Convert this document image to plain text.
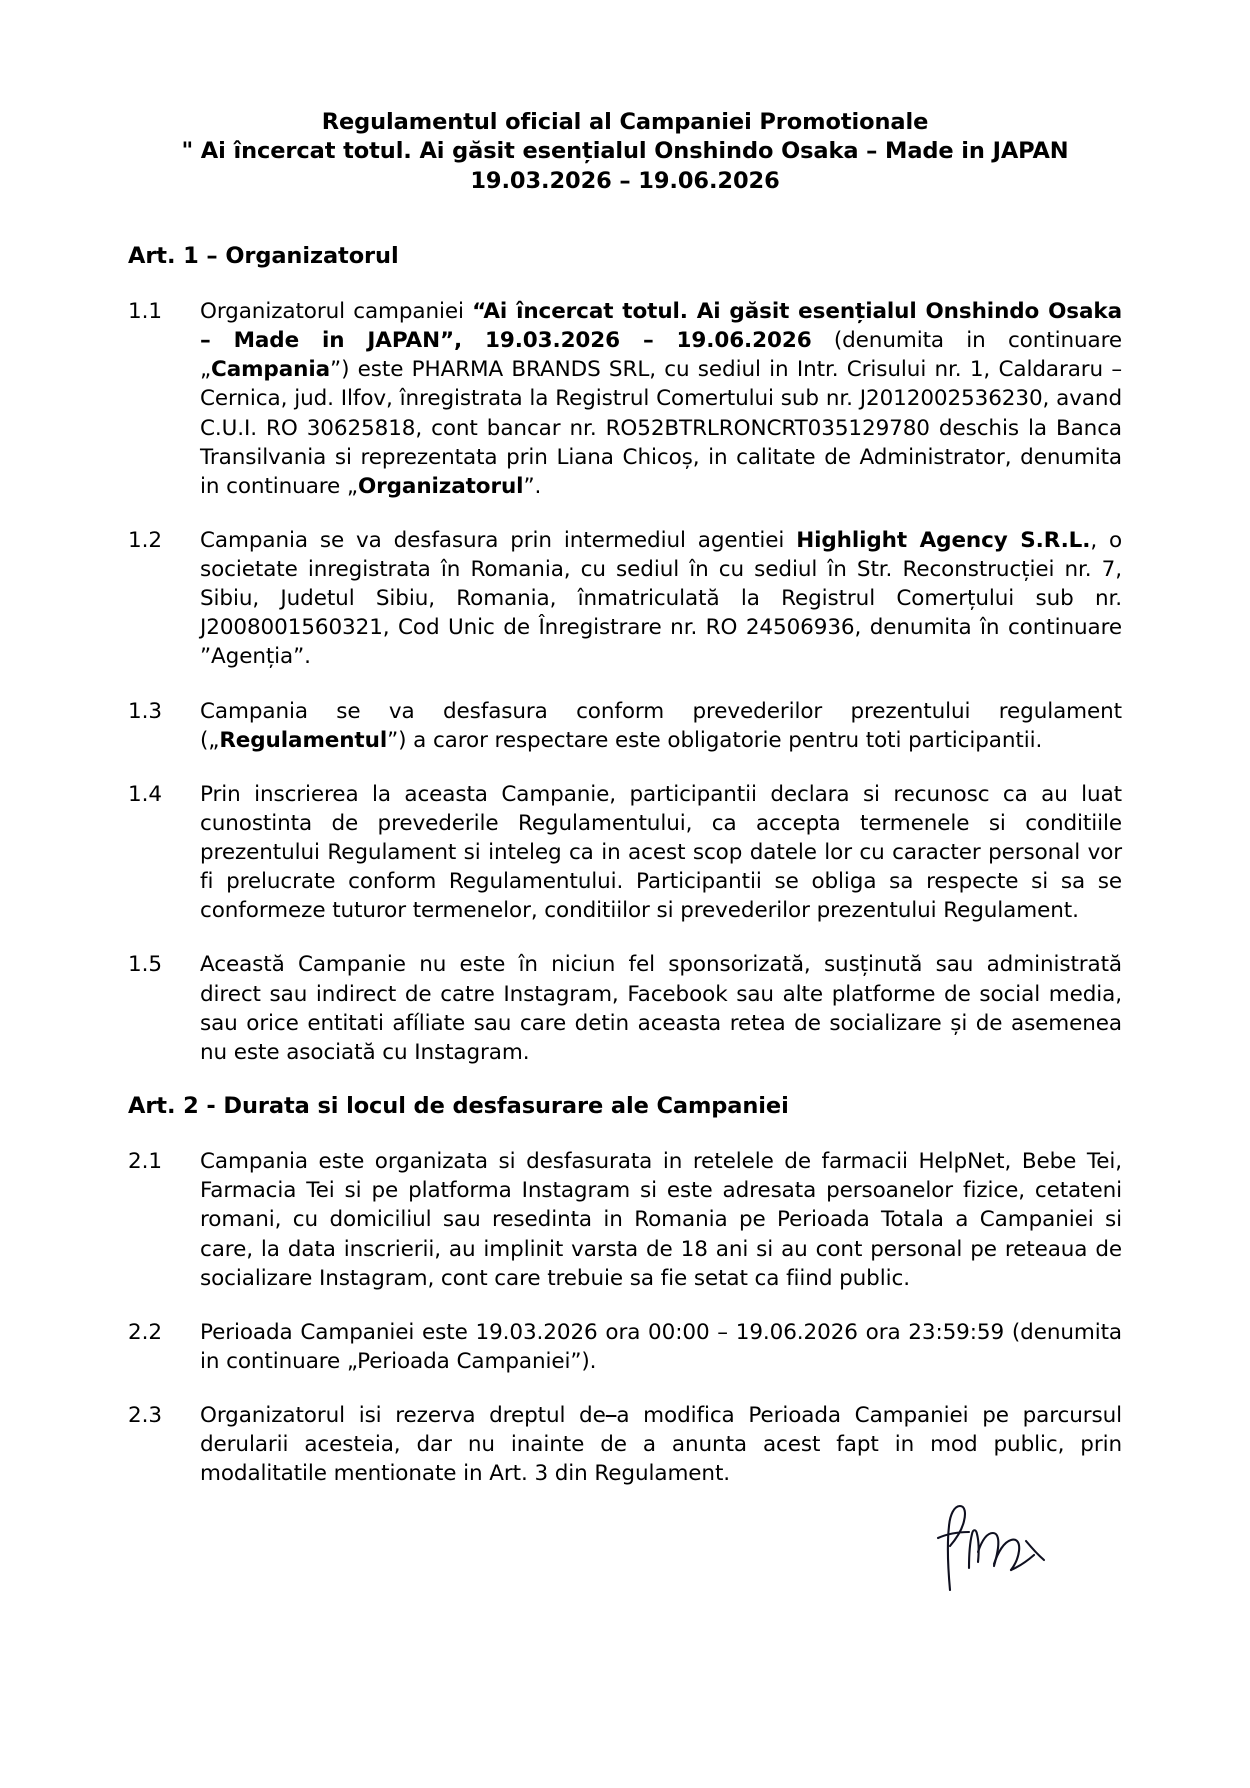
Regulamentul oficial al Campaniei Promotionale
" Ai încercat totul. Ai găsit esențialul Onshindo Osaka – Made in JAPAN
19.03.2026 – 19.06.2026
Art. 1 – Organizatorul
1.1	Organizatorul campaniei “Ai încercat totul. Ai găsit esențialul Onshindo Osaka – Made in JAPAN”, 19.03.2026 – 19.06.2026 (denumita in continuare „Campania”) este PHARMA BRANDS SRL, cu sediul in Intr. Crisului nr. 1, Caldararu – Cernica, jud. Ilfov, înregistrata la Registrul Comertului sub nr. J2012002536230, avand C.U.I. RO 30625818, cont bancar nr. RO52BTRLRONCRT035129780 deschis la Banca Transilvania si reprezentata prin Liana Chicoș, in calitate de Administrator, denumita in continuare „Organizatorul”.
1.2	Campania se va desfasura prin intermediul agentiei Highlight Agency S.R.L., o societate inregistrata în Romania, cu sediul în cu sediul în Str. Reconstrucției nr. 7, Sibiu, Judetul Sibiu, Romania, înmatriculată la Registrul Comerțului sub nr. J2008001560321, Cod Unic de Înregistrare nr. RO 24506936, denumita în continuare ”Agenția”.
1.3	Campania se va desfasura conform prevederilor prezentului regulament („Regulamentul”) a caror respectare este obligatorie pentru toti participantii.
1.4	Prin inscrierea la aceasta Campanie, participantii declara si recunosc ca au luat cunostinta de prevederile Regulamentului, ca accepta termenele si conditiile prezentului Regulament si inteleg ca in acest scop datele lor cu caracter personal vor fi prelucrate conform Regulamentului. Participantii se obliga sa respecte si sa se conformeze tuturor termenelor, conditiilor si prevederilor prezentului Regulament.
1.5	Această Campanie nu este în niciun fel sponsorizată, susținută sau administrată direct sau indirect de catre Instagram, Facebook sau alte platforme de social media, sau orice entitati afíliate sau care detin aceasta retea de socializare și de asemenea nu este asociată cu Instagram.
Art. 2 - Durata si locul de desfasurare ale Campaniei
2.1	Campania este organizata si desfasurata in retelele de farmacii HelpNet, Bebe Tei, Farmacia Tei si pe platforma Instagram si este adresata persoanelor fizice, cetateni romani, cu domiciliul sau resedinta in Romania pe Perioada Totala a Campaniei si care, la data inscrierii, au implinit varsta de 18 ani si au cont personal pe reteaua de socializare Instagram, cont care trebuie sa fie setat ca fiind public.
2.2	Perioada Campaniei este 19.03.2026 ora 00:00 – 19.06.2026 ora 23:59:59 (denumita in continuare „Perioada Campaniei”).
2.3	Organizatorul isi rezerva dreptul de–a modifica Perioada Campaniei pe parcursul derularii acesteia, dar nu inainte de a anunta acest fapt in mod public, prin modalitatile mentionate in Art. 3 din Regulament.
